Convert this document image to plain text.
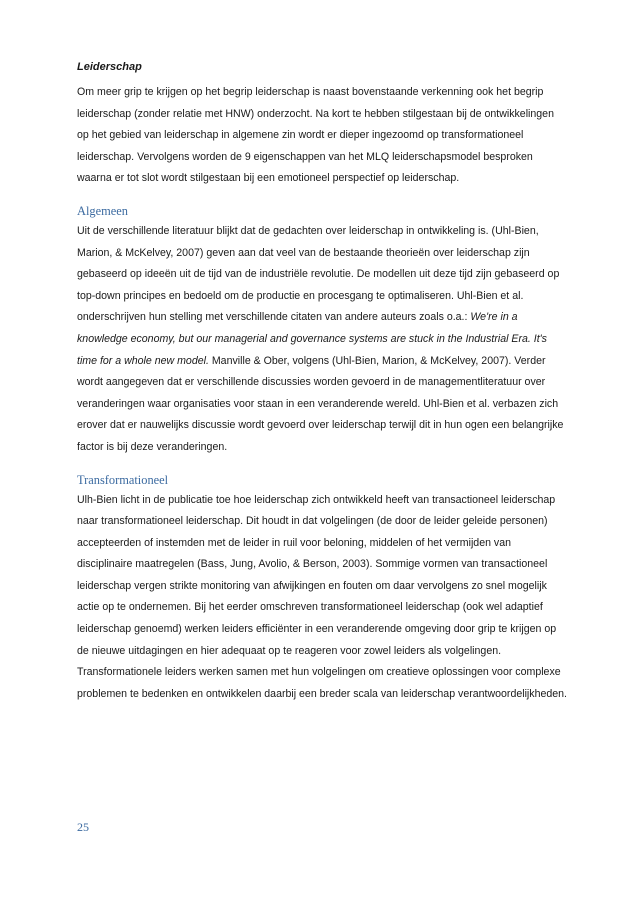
Leiderschap

Om meer grip te krijgen op het begrip leiderschap is naast bovenstaande verkenning ook het begrip leiderschap (zonder relatie met HNW) onderzocht. Na kort te hebben stilgestaan bij de ontwikkelingen op het gebied van leiderschap in algemene zin wordt er dieper ingezoomd op transformationeel leiderschap. Vervolgens worden de 9 eigenschappen van het MLQ leiderschapsmodel besproken waarna er tot slot wordt stilgestaan bij een emotioneel perspectief op leiderschap.

Algemeen

Uit de verschillende literatuur blijkt dat de gedachten over leiderschap in ontwikkeling is. (Uhl-Bien, Marion, & McKelvey, 2007) geven aan dat veel van de bestaande theorieën over leiderschap zijn gebaseerd op ideeën uit de tijd van de industriële revolutie. De modellen uit deze tijd zijn gebaseerd op top-down principes en bedoeld om de productie en procesgang te optimaliseren. Uhl-Bien et al. onderschrijven hun stelling met verschillende citaten van andere auteurs zoals o.a.: We're in a knowledge economy, but our managerial and governance systems are stuck in the Industrial Era. It's time for a whole new model. Manville & Ober, volgens (Uhl-Bien, Marion, & McKelvey, 2007). Verder wordt aangegeven dat er verschillende discussies worden gevoerd in de managementliteratuur over veranderingen waar organisaties voor staan in een veranderende wereld. Uhl-Bien et al. verbazen zich erover dat er nauwelijks discussie wordt gevoerd over leiderschap terwijl dit in hun ogen een belangrijke factor is bij deze veranderingen.

Transformationeel

Ulh-Bien licht in de publicatie toe hoe leiderschap zich ontwikkeld heeft van transactioneel leiderschap naar transformationeel leiderschap. Dit houdt in dat volgelingen (de door de leider geleide personen) accepteerden of instemden met de leider in ruil voor beloning, middelen of het vermijden van disciplinaire maatregelen (Bass, Jung, Avolio, & Berson, 2003). Sommige vormen van transactioneel leiderschap vergen strikte monitoring van afwijkingen en fouten om daar vervolgens zo snel mogelijk actie op te ondernemen. Bij het eerder omschreven transformationeel leiderschap (ook wel adaptief leiderschap genoemd) werken leiders efficiënter in een veranderende omgeving door grip te krijgen op de nieuwe uitdagingen en hier adequaat op te reageren voor zowel leiders als volgelingen. Transformationele leiders werken samen met hun volgelingen om creatieve oplossingen voor complexe problemen te bedenken en ontwikkelen daarbij een breder scala van leiderschap verantwoordelijkheden.

25
